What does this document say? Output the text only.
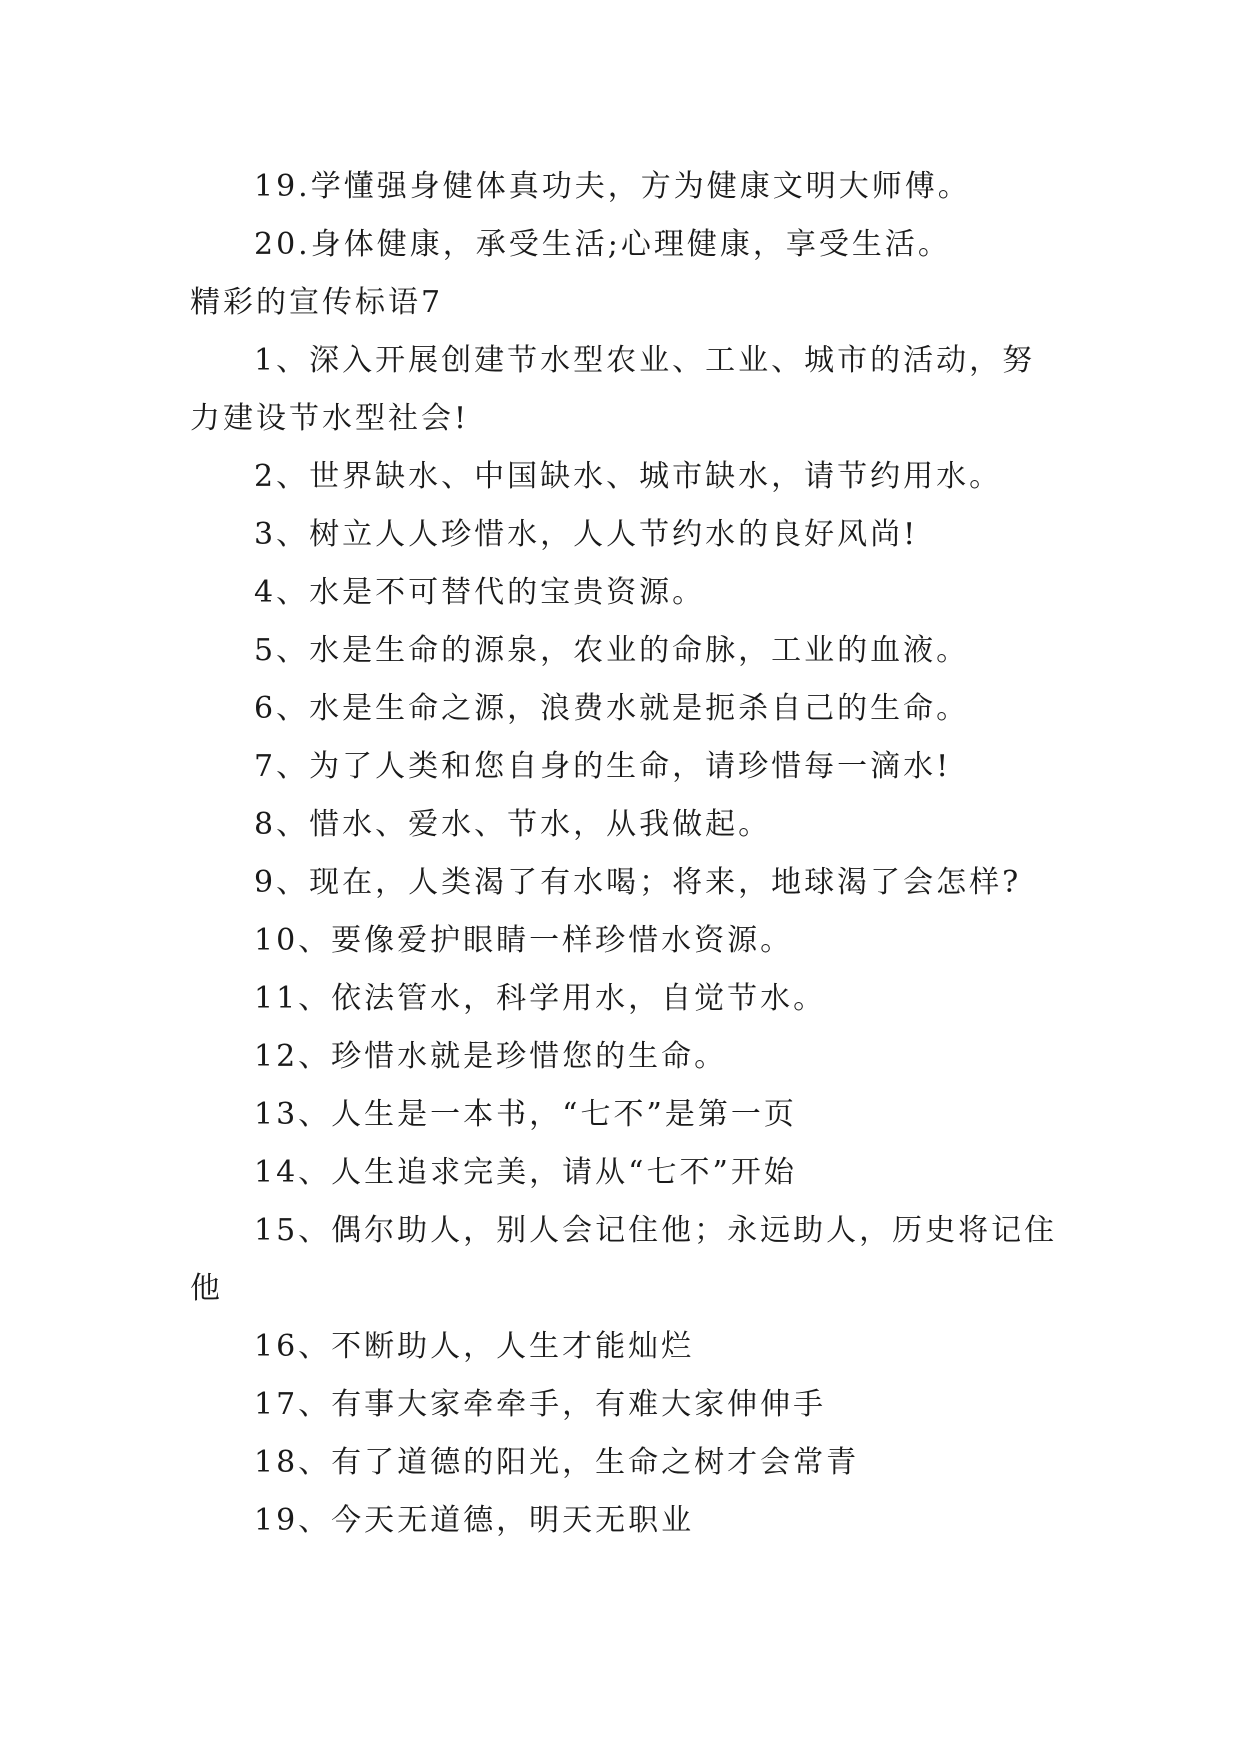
19.学懂强身健体真功夫，方为健康文明大师傅。
20.身体健康，承受生活;心理健康，享受生活。
精彩的宣传标语7
1、深入开展创建节水型农业、工业、城市的活动，努
力建设节水型社会!
2、世界缺水、中国缺水、城市缺水，请节约用水。
3、树立人人珍惜水，人人节约水的良好风尚!
4、水是不可替代的宝贵资源。
5、水是生命的源泉，农业的命脉，工业的血液。
6、水是生命之源，浪费水就是扼杀自己的生命。
7、为了人类和您自身的生命，请珍惜每一滴水!
8、惜水、爱水、节水，从我做起。
9、现在，人类渴了有水喝；将来，地球渴了会怎样?
10、要像爱护眼睛一样珍惜水资源。
11、依法管水，科学用水，自觉节水。
12、珍惜水就是珍惜您的生命。
13、人生是一本书，“七不”是第一页
14、人生追求完美，请从“七不”开始
15、偶尔助人，别人会记住他；永远助人，历史将记住
他
16、不断助人，人生才能灿烂
17、有事大家牵牵手，有难大家伸伸手
18、有了道德的阳光，生命之树才会常青
19、今天无道德，明天无职业
